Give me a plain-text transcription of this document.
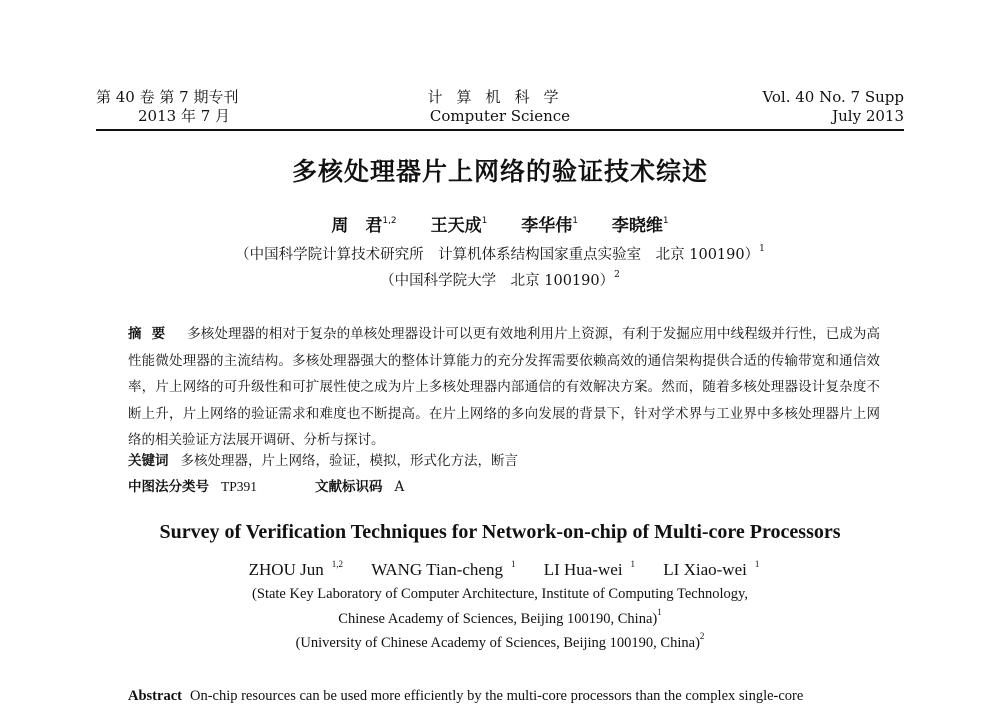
第 40 卷 第 7 期专刊
2013 年 7 月
计算机科学
Computer Science
Vol. 40 No. 7 Supp
July 2013
多核处理器片上网络的验证技术综述
周　君$^{1,2}$ 王天成$^1$ 李华伟$^1$ 李晓维$^1$
（中国科学院计算技术研究所　计算机体系结构国家重点实验室　北京 100190）$^1$
（中国科学院大学　北京 100190）$^2$
摘要 多核处理器的相对于复杂的单核处理器设计可以更有效地利用片上资源，有利于发掘应用中线程级并行性，已成为高性能微处理器的主流结构。多核处理器强大的整体计算能力的充分发挥需要依赖高效的通信架构提供合适的传输带宽和通信效率，片上网络的可升级性和可扩展性使之成为片上多核处理器内部通信的有效解决方案。然而，随着多核处理器设计复杂度不断上升，片上网络的验证需求和难度也不断提高。在片上网络的多向发展的背景下，针对学术界与工业界中多核处理器片上网络的相关验证方法展开调研、分析与探讨。
关键词 多核处理器，片上网络，验证，模拟，形式化方法，断言
中图法分类号 TP391	文献标识码 A
Survey of Verification Techniques for Network-on-chip of Multi-core Processors
ZHOU Jun $^{1,2}$ WANG Tian-cheng $^1$ LI Hua-wei $^1$ LI Xiao-wei $^1$
(State Key Laboratory of Computer Architecture, Institute of Computing Technology,
Chinese Academy of Sciences, Beijing 100190, China)$^1$
(University of Chinese Academy of Sciences, Beijing 100190, China)$^2$
Abstract On-chip resources can be used more efficiently by the multi-core processors than the complex single-core
